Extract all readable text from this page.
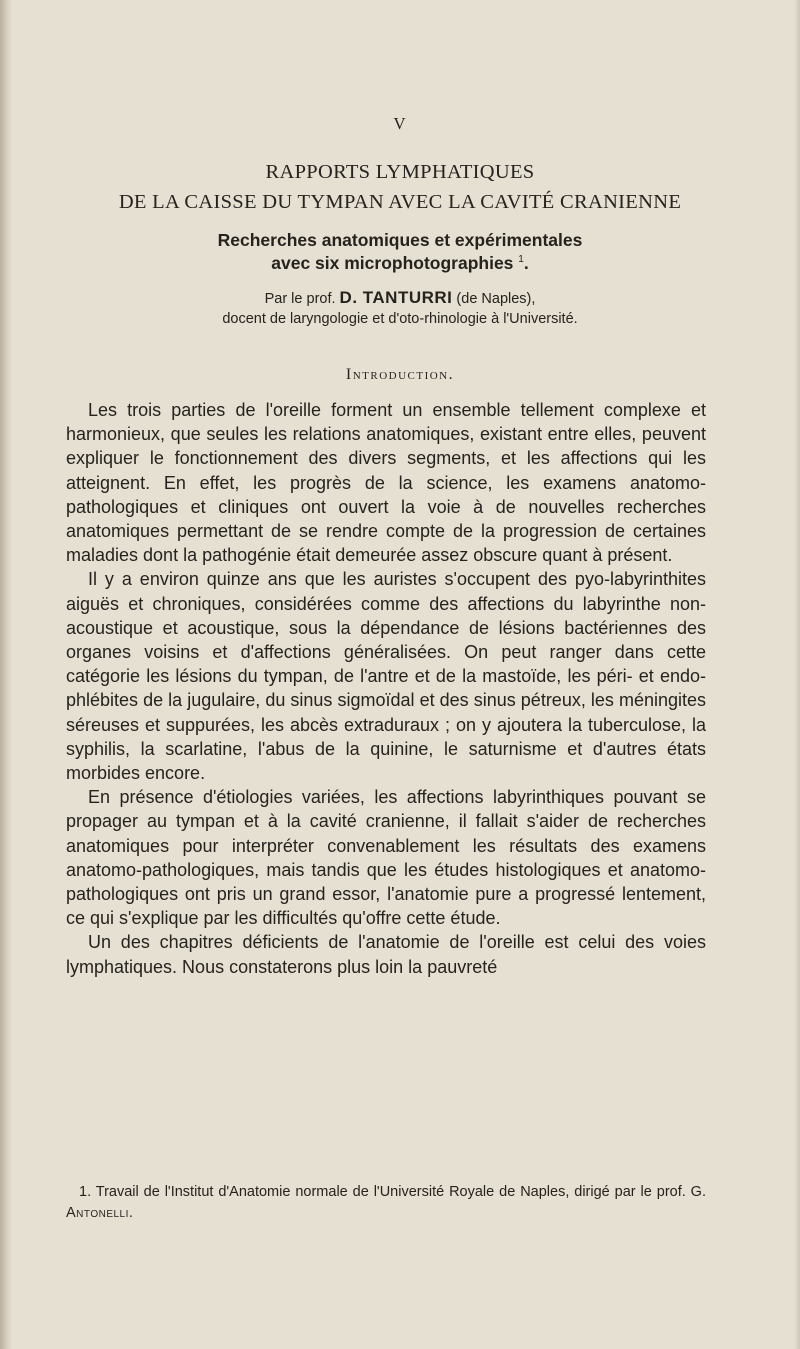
V
RAPPORTS LYMPHATIQUES
DE LA CAISSE DU TYMPAN AVEC LA CAVITÉ CRANIENNE
Recherches anatomiques et expérimentales
avec six microphotographies $^1$.
Par le prof. D. TANTURRI (de Naples),
docent de laryngologie et d'oto-rhinologie à l'Université.
Introduction.

Les trois parties de l'oreille forment un ensemble tellement complexe et harmonieux, que seules les relations anatomiques, existant entre elles, peuvent expliquer le fonctionnement des divers segments, et les affections qui les atteignent. En effet, les progrès de la science, les examens anatomo-pathologiques et cliniques ont ouvert la voie à de nouvelles recherches anatomiques permettant de se rendre compte de la progression de certaines maladies dont la pathogénie était demeurée assez obscure quant à présent.

Il y a environ quinze ans que les auristes s'occupent des pyo-labyrinthites aiguës et chroniques, considérées comme des affections du labyrinthe non-acoustique et acoustique, sous la dépendance de lésions bactériennes des organes voisins et d'affections généralisées. On peut ranger dans cette catégorie les lésions du tympan, de l'antre et de la mastoïde, les péri- et endo-phlébites de la jugulaire, du sinus sigmoïdal et des sinus pétreux, les méningites séreuses et suppurées, les abcès extraduraux ; on y ajoutera la tuberculose, la syphilis, la scarlatine, l'abus de la quinine, le saturnisme et d'autres états morbides encore.

En présence d'étiologies variées, les affections labyrinthiques pouvant se propager au tympan et à la cavité cranienne, il fallait s'aider de recherches anatomiques pour interpréter convenablement les résultats des examens anatomo-pathologiques, mais tandis que les études histologiques et anatomo-pathologiques ont pris un grand essor, l'anatomie pure a progressé lentement, ce qui s'explique par les difficultés qu'offre cette étude.

Un des chapitres déficients de l'anatomie de l'oreille est celui des voies lymphatiques. Nous constaterons plus loin la pauvreté

1. Travail de l'Institut d'Anatomie normale de l'Université Royale de Naples, dirigé par le prof. G. Antonelli.
